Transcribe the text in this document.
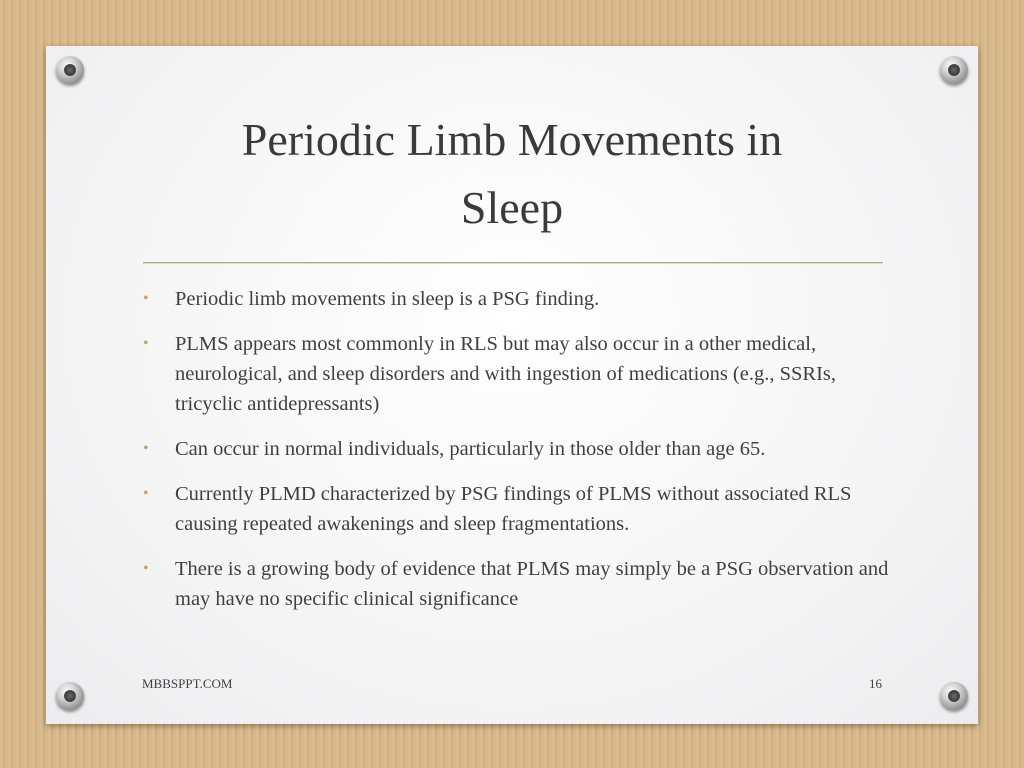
Periodic Limb Movements in
Sleep
• Periodic limb movements in sleep is a PSG finding.
• PLMS appears most commonly in RLS but may also occur in a other medical, neurological, and sleep disorders and with ingestion of medications (e.g., SSRIs, tricyclic antidepressants)
• Can occur in normal individuals, particularly in those older than age 65.
• Currently PLMD characterized by PSG findings of PLMS without associated RLS causing repeated awakenings and sleep fragmentations.
• There is a growing body of evidence that PLMS may simply be a PSG observation and may have no specific clinical significance
MBBSPPT.COM	16
